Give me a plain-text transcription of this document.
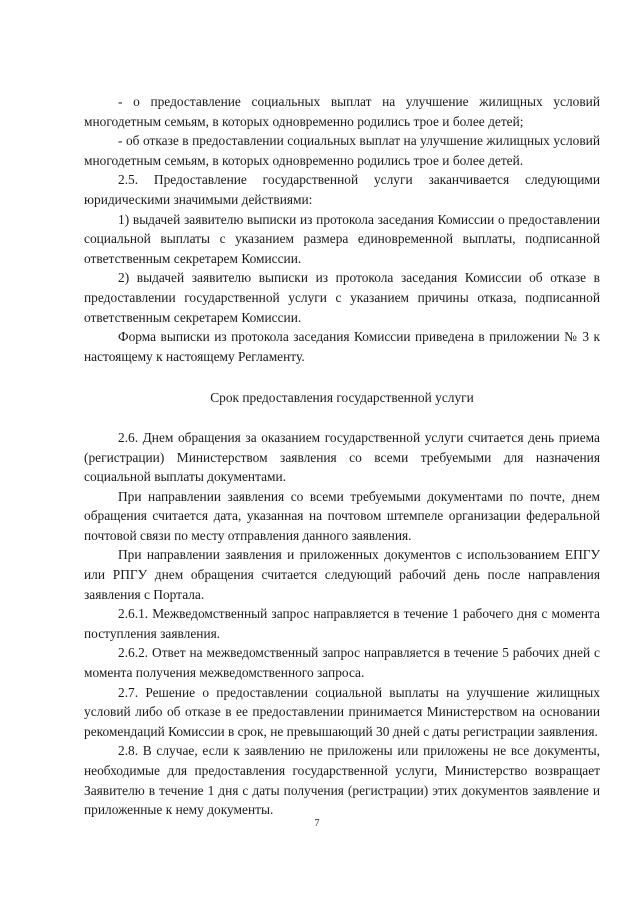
- о предоставление социальных выплат на улучшение жилищных условий многодетным семьям, в которых одновременно родились трое и более детей;

- об отказе в предоставлении социальных выплат на улучшение жилищных условий многодетным семьям, в которых одновременно родились трое и более детей.

2.5. Предоставление государственной услуги заканчивается следующими юридическими значимыми действиями:

1) выдачей заявителю выписки из протокола заседания Комиссии о предоставлении социальной выплаты с указанием размера единовременной выплаты, подписанной ответственным секретарем Комиссии.

2) выдачей заявителю выписки из протокола заседания Комиссии об отказе в предоставлении государственной услуги с указанием причины отказа, подписанной ответственным секретарем Комиссии.

Форма выписки из протокола заседания Комиссии приведена в приложении № 3 к настоящему к настоящему Регламенту.

Срок предоставления государственной услуги

2.6. Днем обращения за оказанием государственной услуги считается день приема (регистрации) Министерством заявления со всеми требуемыми для назначения социальной выплаты документами.

При направлении заявления со всеми требуемыми документами по почте, днем обращения считается дата, указанная на почтовом штемпеле организации федеральной почтовой связи по месту отправления данного заявления.

При направлении заявления и приложенных документов с использованием ЕПГУ или РПГУ днем обращения считается следующий рабочий день после направления заявления с Портала.

2.6.1. Межведомственный запрос направляется в течение 1 рабочего дня с момента поступления заявления.

2.6.2. Ответ на межведомственный запрос направляется в течение 5 рабочих дней с момента получения межведомственного запроса.

2.7. Решение о предоставлении социальной выплаты на улучшение жилищных условий либо об отказе в ее предоставлении принимается Министерством на основании рекомендаций Комиссии в срок, не превышающий 30 дней с даты регистрации заявления.

2.8. В случае, если к заявлению не приложены или приложены не все документы, необходимые для предоставления государственной услуги, Министерство возвращает Заявителю в течение 1 дня с даты получения (регистрации) этих документов заявление и приложенные к нему документы.

7
